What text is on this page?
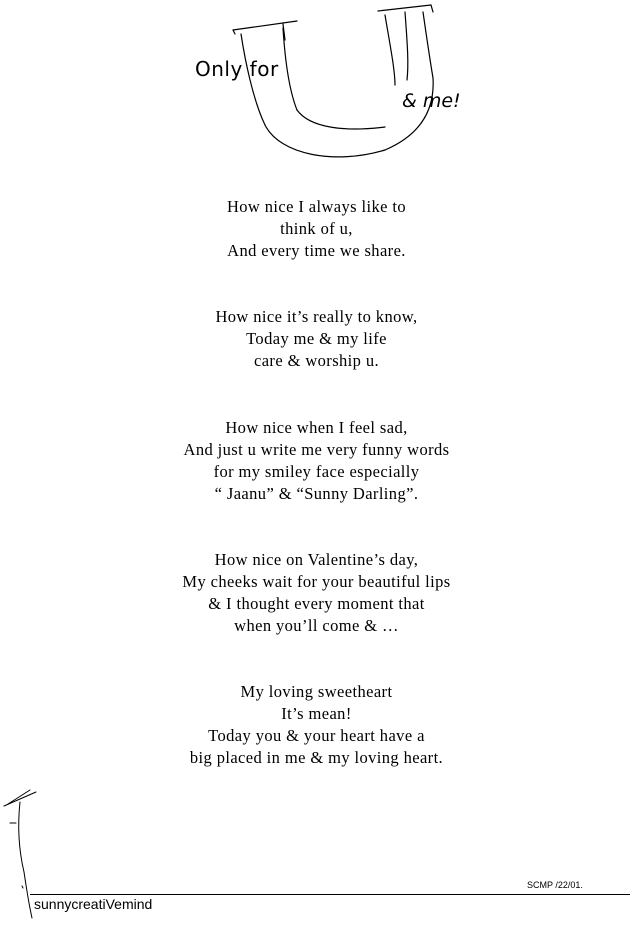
Only for
& me!
How nice I always like to
think of u,
And every time we share.
How nice it’s really to know,
Today me & my life
care & worship u.
How nice when I feel sad,
And just u write me very funny words
for my smiley face especially
“ Jaanu” & “Sunny Darling”.
How nice on Valentine’s day,
My cheeks wait for your beautiful lips
& I thought every moment that
when you’ll come & …
My loving sweetheart
It’s mean!
Today you & your heart have a
big placed in me & my loving heart.
SCMP /22/01.
sunnycreatiVemind
